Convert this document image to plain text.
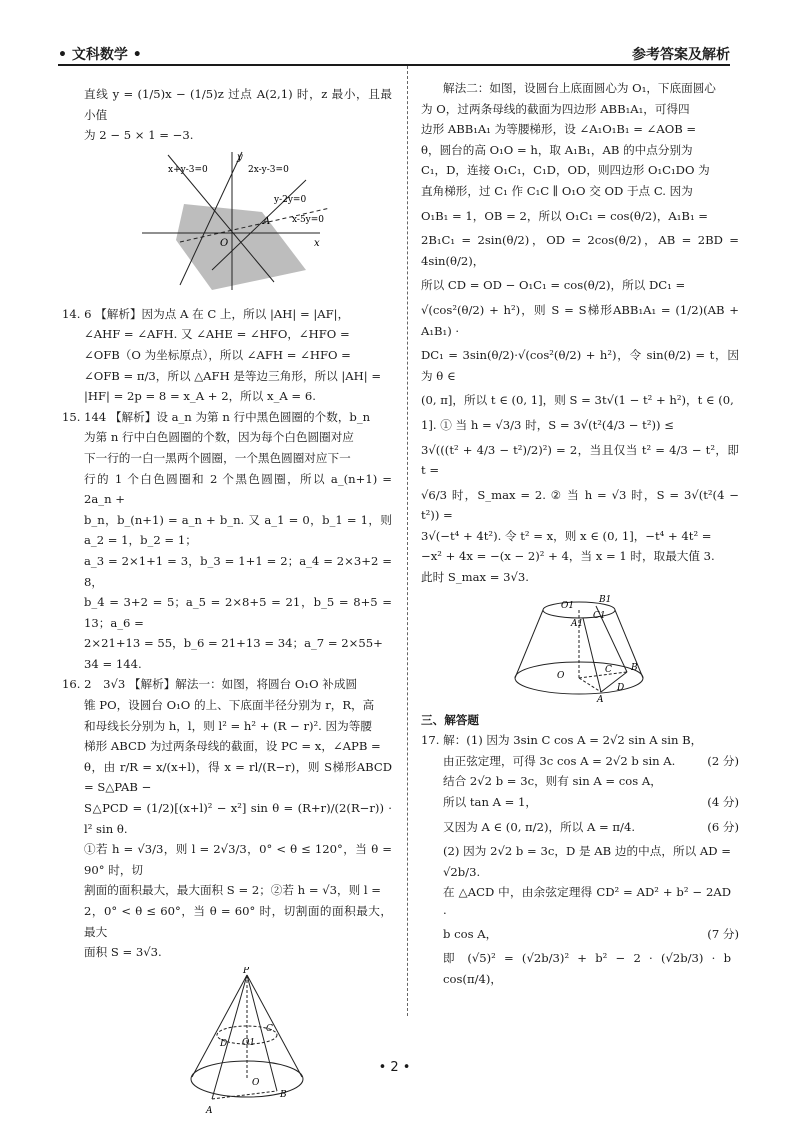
• 文科数学 •	参考答案及解析

直线 y = (1/5)x − (1/5)z 过点 A(2,1) 时，z 最小，且最小值

为 2 − 5 × 1 = −3.

y
x
O
A
x+y-3=0	2x-y-3=0
y-2y=0
x-5y=0

14. 6 【解析】因为点 A 在 C 上，所以 |AH| = |AF|，

∠AHF = ∠AFH. 又 ∠AHE = ∠HFO，∠HFO =

∠OFB（O 为坐标原点），所以 ∠AFH = ∠HFO =

∠OFB = π/3，所以 △AFH 是等边三角形，所以 |AH| =

|HF| = 2p = 8 = x_A + 2，所以 x_A = 6.

15. 144 【解析】设 a_n 为第 n 行中黑色圆圈的个数，b_n

为第 n 行中白色圆圈的个数，因为每个白色圆圈对应

下一行的一白一黑两个圆圈，一个黑色圆圈对应下一

行的 1 个白色圆圈和 2 个黑色圆圈，所以 a_(n+1) = 2a_n +

b_n，b_(n+1) = a_n + b_n. 又 a_1 = 0，b_1 = 1，则 a_2 = 1，b_2 = 1；

a_3 = 2×1+1 = 3，b_3 = 1+1 = 2；a_4 = 2×3+2 = 8，

b_4 = 3+2 = 5；a_5 = 2×8+5 = 21，b_5 = 8+5 = 13；a_6 =

2×21+13 = 55，b_6 = 21+13 = 34；a_7 = 2×55+

34 = 144.

16. 2　3√3 【解析】解法一：如图，将圆台 O₁O 补成圆

锥 PO，设圆台 O₁O 的上、下底面半径分别为 r，R，高

和母线长分别为 h，l，则 l² = h² + (R − r)². 因为等腰

梯形 ABCD 为过两条母线的截面，设 PC = x，∠APB =

θ，由 r/R = x/(x+l)，得 x = rl/(R−r)，则 S梯形ABCD = S△PAB −

S△PCD = (1/2)[(x+l)² − x²] sin θ = (R+r)/(2(R−r)) · l² sin θ.

①若 h = √3/3，则 l = 2√3/3，0° < θ ≤ 120°，当 θ = 90° 时，切

割面的面积最大，最大面积 S = 2；②若 h = √3，则 l =

2，0° < θ ≤ 60°，当 θ = 60° 时，切割面的面积最大，最大

面积 S = 3√3.

P
C
D O1
O
A
B

解法二：如图，设圆台上底面圆心为 O₁，下底面圆心

为 O，过两条母线的截面为四边形 ABB₁A₁，可得四

边形 ABB₁A₁ 为等腰梯形，设 ∠A₁O₁B₁ = ∠AOB =

θ，圆台的高 O₁O = h，取 A₁B₁，AB 的中点分别为

C₁，D，连接 O₁C₁，C₁D，OD，则四边形 O₁C₁DO 为

直角梯形，过 C₁ 作 C₁C ∥ O₁O 交 OD 于点 C. 因为

O₁B₁ = 1，OB = 2，所以 O₁C₁ = cos(θ/2)，A₁B₁ =

2B₁C₁ = 2sin(θ/2)，OD = 2cos(θ/2)，AB = 2BD = 4sin(θ/2)，

所以 CD = OD − O₁C₁ = cos(θ/2)，所以 DC₁ =

√(cos²(θ/2) + h²)，则 S = S梯形ABB₁A₁ = (1/2)(AB + A₁B₁) ·

DC₁ = 3sin(θ/2)·√(cos²(θ/2) + h²)，令 sin(θ/2) = t，因为 θ ∈

(0, π]，所以 t ∈ (0, 1]，则 S = 3t√(1 − t² + h²)，t ∈ (0,

1]. ① 当 h = √3/3 时，S = 3√(t²(4/3 − t²)) ≤

3√(((t² + 4/3 − t²)/2)²) = 2，当且仅当 t² = 4/3 − t²，即 t =

√6/3 时，S_max = 2. ② 当 h = √3 时，S = 3√(t²(4 − t²)) =

3√(−t⁴ + 4t²). 令 t² = x，则 x ∈ (0, 1]，−t⁴ + 4t² =

−x² + 4x = −(x − 2)² + 4，当 x = 1 时，取最大值 3.

此时 S_max = 3√3.

O1
B1
A1
C1
O
C B
D
A

三、解答题

17. 解：(1) 因为 3sin C cos A = 2√2 sin A sin B，

由正弦定理，可得 3c cos A = 2√2 b sin A.	(2 分)
结合 2√2 b = 3c，则有 sin A = cos A，
所以 tan A = 1，	(4 分)
又因为 A ∈ (0, π/2)，所以 A = π/4.	(6 分)
(2) 因为 2√2 b = 3c，D 是 AB 边的中点，所以 AD = √2b/3.
在 △ACD 中，由余弦定理得 CD² = AD² + b² − 2AD ·
b cos A，	(7 分)
即 (√5)² = (√2b/3)² + b² − 2 · (√2b/3) · b cos(π/4)，
• 2 •
